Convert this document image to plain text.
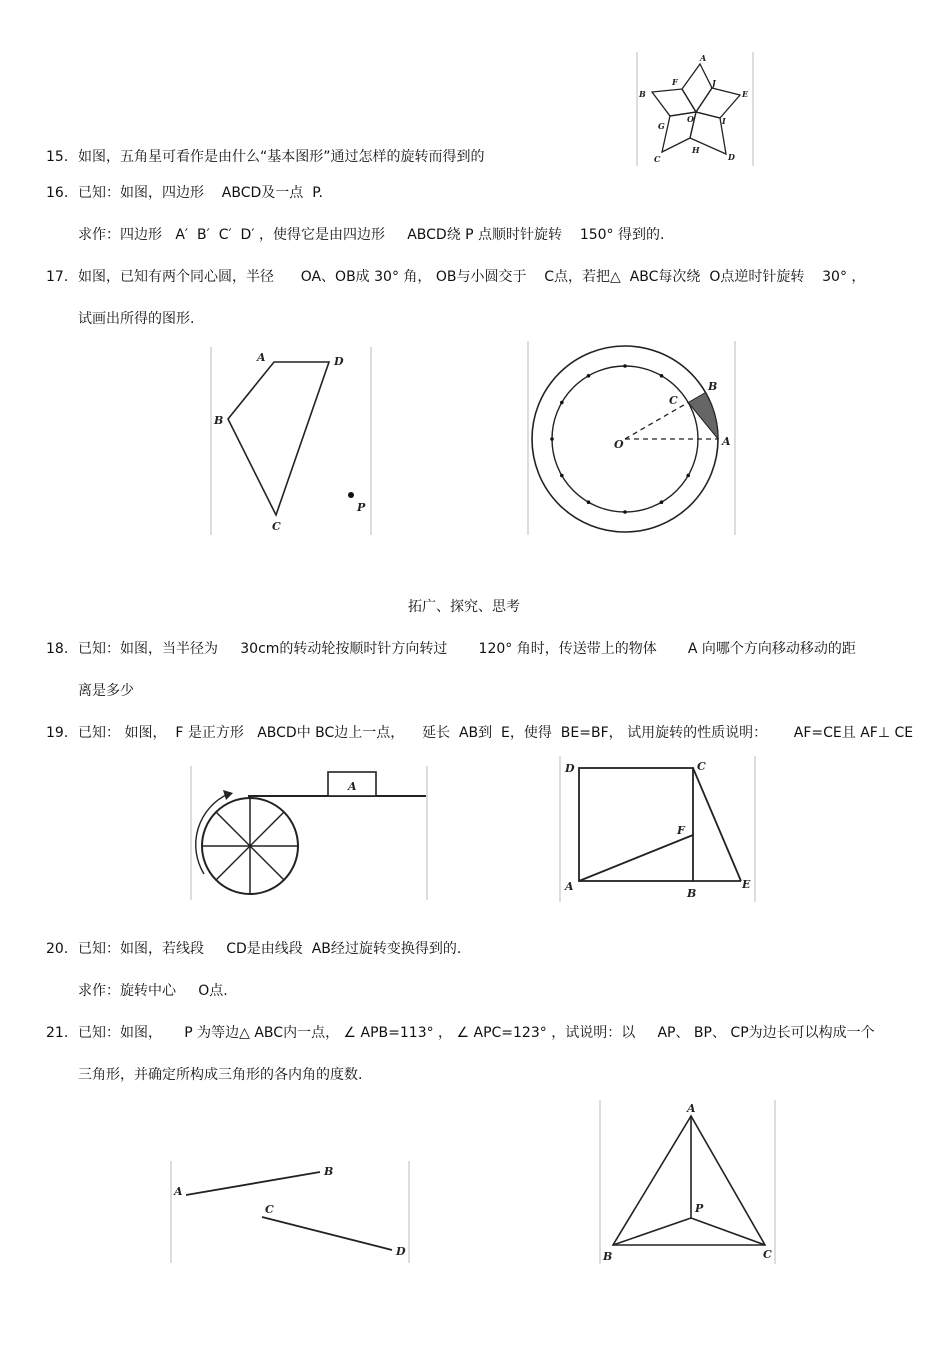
15. 如图，五角星可看作是由什么“基本图形”通过怎样的旋转而得到的
A
F	J
B	E
G
O	I
C
H
D
16. 已知：如图，四边形    ABCD及一点  P.
求作：四边形   A′  B′  C′  D′ ，使得它是由四边形     ABCD绕 P 点顺时针旋转    150° 得到的.
17. 如图，已知有两个同心圆，半径      OA、OB成 30° 角， OB与小圆交于    C点，若把△  ABC每次绕  O点逆时针旋转    30° ，
试画出所得的图形.
A	D
B
C
P
B
C
O	A
拓广、探究、思考
18. 已知：如图，当半径为     30cm的转动轮按顺时针方向转过       120° 角时，传送带上的物体       A 向哪个方向移动移动的距
离是多少
19. 已知： 如图，  F 是正方形   ABCD中 BC边上一点，    延长  AB到  E，使得  BE=BF， 试用旋转的性质说明：      AF=CE且 AF⊥ CE
A
D	C
F
A
B
E
20. 已知：如图，若线段     CD是由线段  AB经过旋转变换得到的.
求作：旋转中心     O点.
21. 已知：如图，     P 为等边△ ABC内一点， ∠ APB=113° ， ∠ APC=123° ，试说明：以     AP、 BP、 CP为边长可以构成一个
三角形，并确定所构成三角形的各内角的度数.
A
B
C
D
A
P
B	C
